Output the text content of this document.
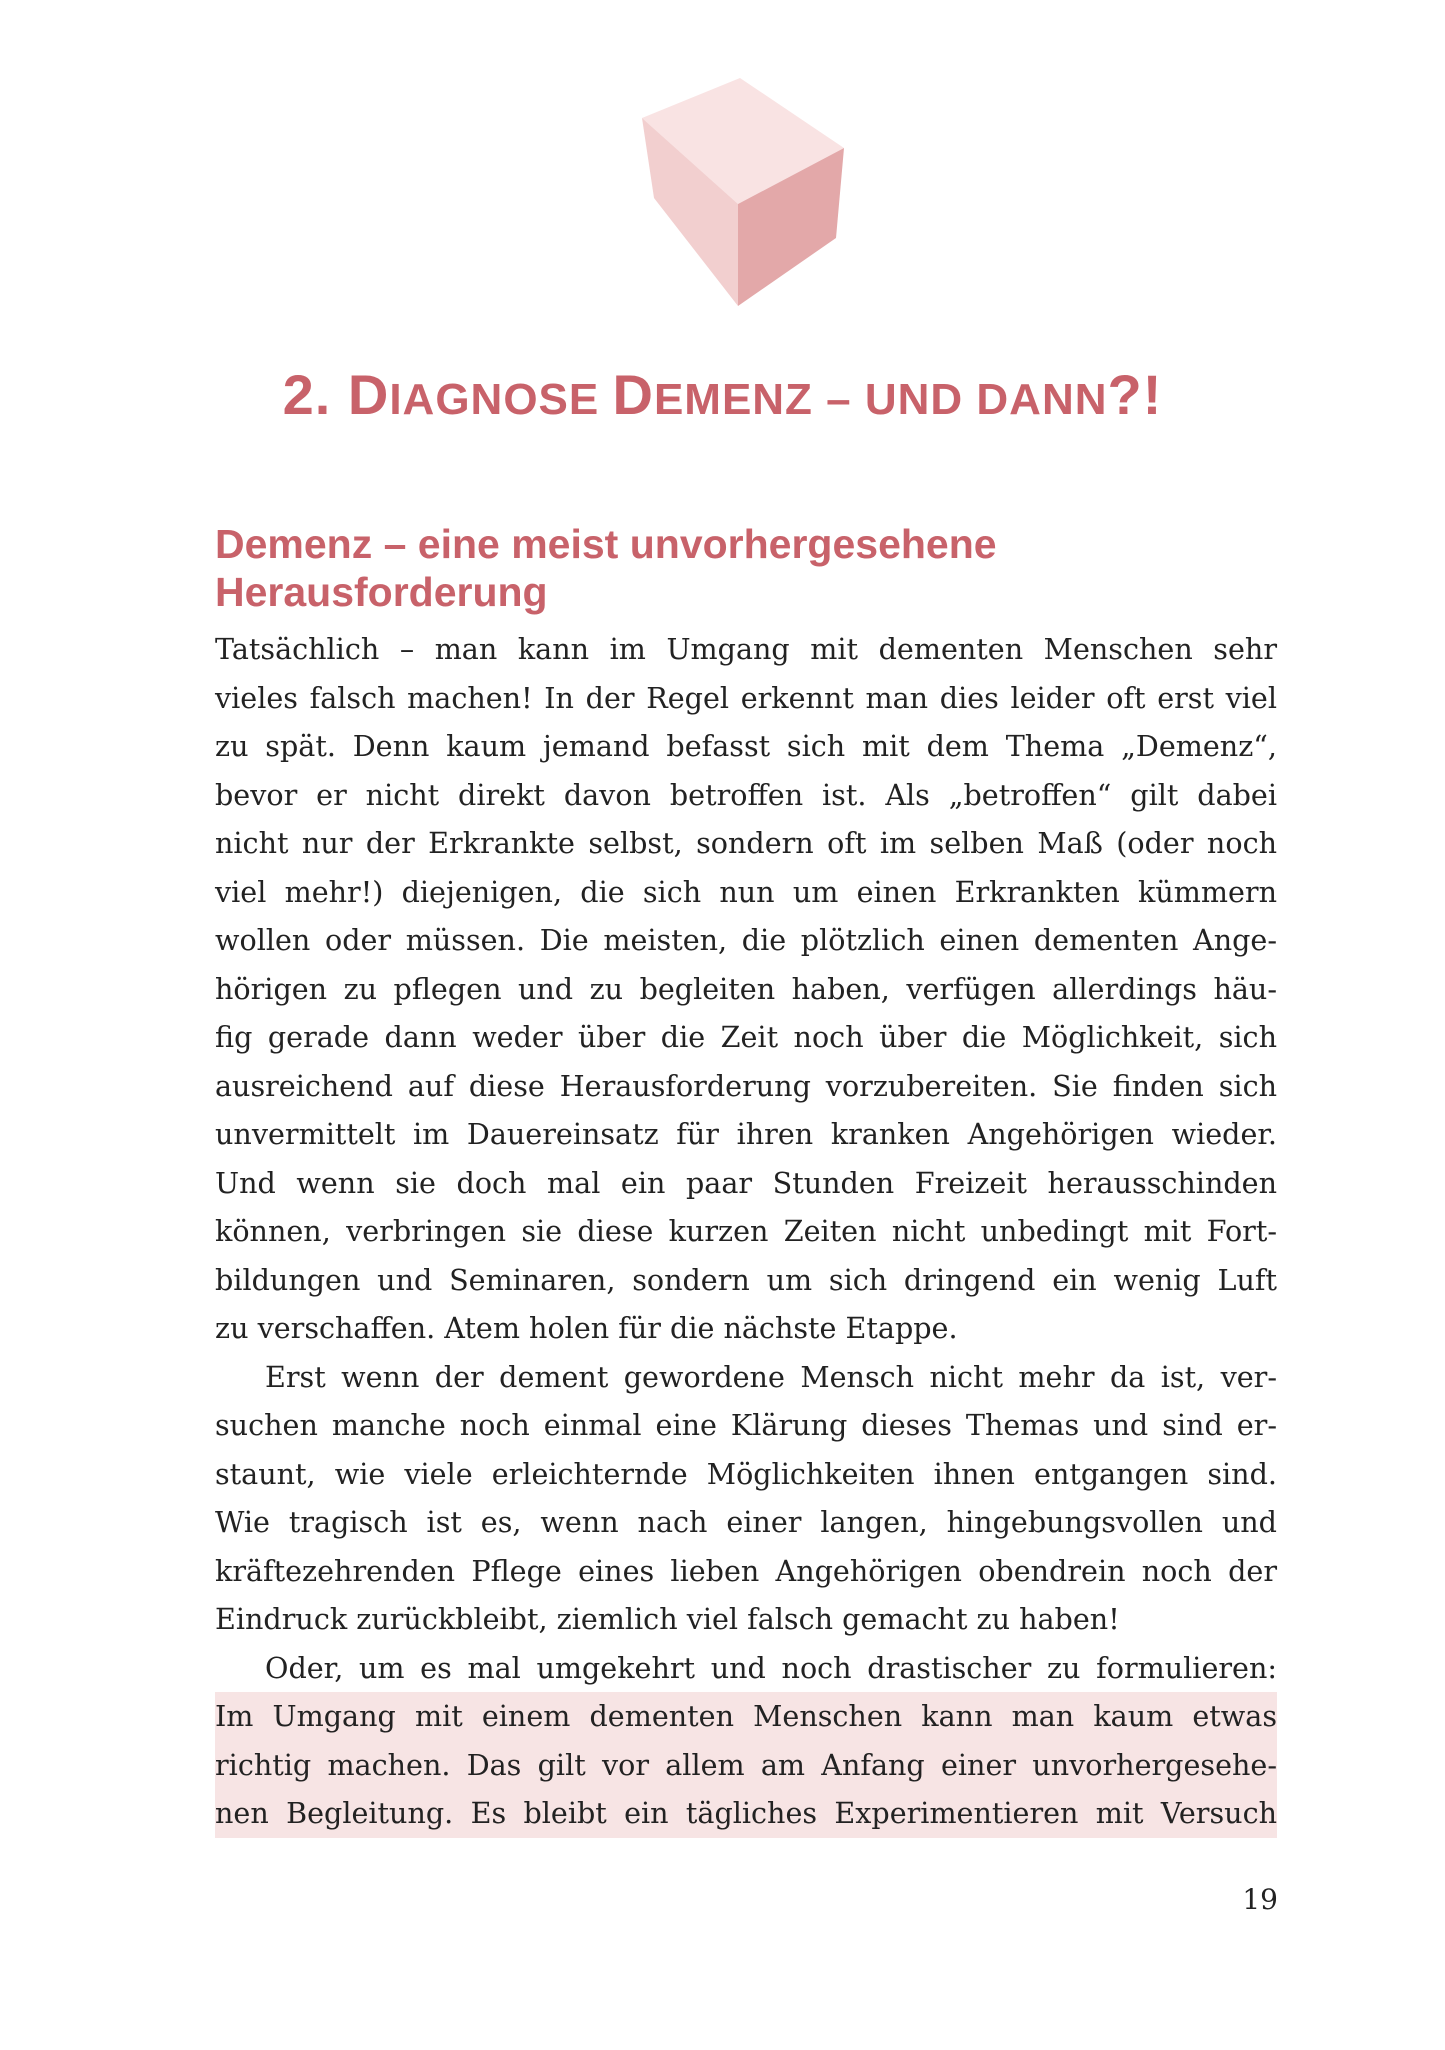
2. DIAGNOSE DEMENZ – UND DANN?!
Demenz – eine meist unvorhergesehene
Herausforderung
Tatsächlich – man kann im Umgang mit dementen Menschen sehr
vieles falsch machen! In der Regel erkennt man dies leider oft erst viel
zu spät. Denn kaum jemand befasst sich mit dem Thema „Demenz“,
bevor er nicht direkt davon betroffen ist. Als „betroffen“ gilt dabei
nicht nur der Erkrankte selbst, sondern oft im selben Maß (oder noch
viel mehr!) diejenigen, die sich nun um einen Erkrankten kümmern
wollen oder müssen. Die meisten, die plötzlich einen dementen Ange-
hörigen zu pflegen und zu begleiten haben, verfügen allerdings häu-
fig gerade dann weder über die Zeit noch über die Möglichkeit, sich
ausreichend auf diese Herausforderung vorzubereiten. Sie finden sich
unvermittelt im Dauereinsatz für ihren kranken Angehörigen wieder.
Und wenn sie doch mal ein paar Stunden Freizeit herausschinden
können, verbringen sie diese kurzen Zeiten nicht unbedingt mit Fort-
bildungen und Seminaren, sondern um sich dringend ein wenig Luft
zu verschaffen. Atem holen für die nächste Etappe.
Erst wenn der dement gewordene Mensch nicht mehr da ist, ver-
suchen manche noch einmal eine Klärung dieses Themas und sind er-
staunt, wie viele erleichternde Möglichkeiten ihnen entgangen sind.
Wie tragisch ist es, wenn nach einer langen, hingebungsvollen und
kräftezehrenden Pflege eines lieben Angehörigen obendrein noch der
Eindruck zurückbleibt, ziemlich viel falsch gemacht zu haben!
Oder, um es mal umgekehrt und noch drastischer zu formulieren:
Im Umgang mit einem dementen Menschen kann man kaum etwas
richtig machen. Das gilt vor allem am Anfang einer unvorhergesehe-
nen Begleitung. Es bleibt ein tägliches Experimentieren mit Versuch

19
